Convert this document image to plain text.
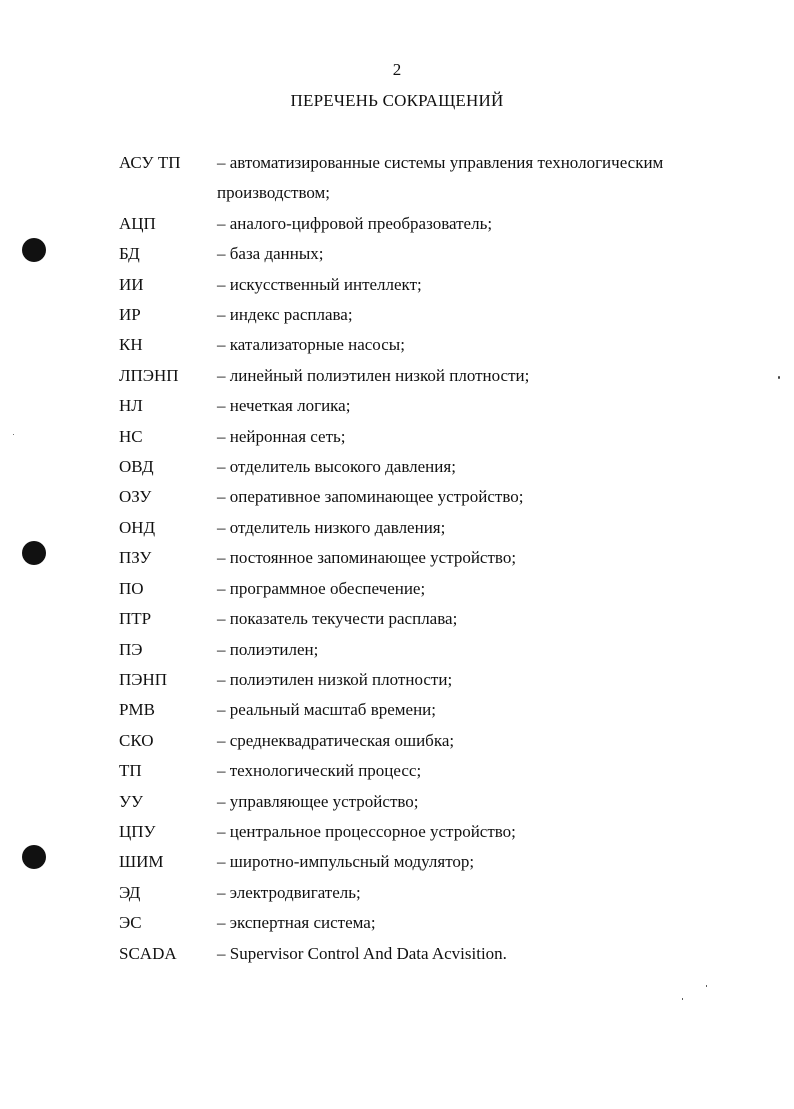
2
ПЕРЕЧЕНЬ СОКРАЩЕНИЙ
АСУ ТП	– автоматизированные системы управления технологическим производством;
АЦП	– аналого-цифровой преобразователь;
БД	– база данных;
ИИ	– искусственный интеллект;
ИР	– индекс расплава;
КН	– катализаторные насосы;
ЛПЭНП	– линейный полиэтилен низкой плотности;
НЛ	– нечеткая логика;
НС	– нейронная сеть;
ОВД	– отделитель высокого давления;
ОЗУ	– оперативное запоминающее устройство;
ОНД	– отделитель низкого давления;
ПЗУ	– постоянное запоминающее устройство;
ПО	– программное обеспечение;
ПТР	– показатель текучести расплава;
ПЭ	– полиэтилен;
ПЭНП	– полиэтилен низкой плотности;
РМВ	– реальный масштаб времени;
СКО	– среднеквадратическая ошибка;
ТП	– технологический процесс;
УУ	– управляющее устройство;
ЦПУ	– центральное процессорное устройство;
ШИМ	– широтно-импульсный модулятор;
ЭД	– электродвигатель;
ЭС	– экспертная система;
SCADA	– Supervisor Control And Data Acvisition.
